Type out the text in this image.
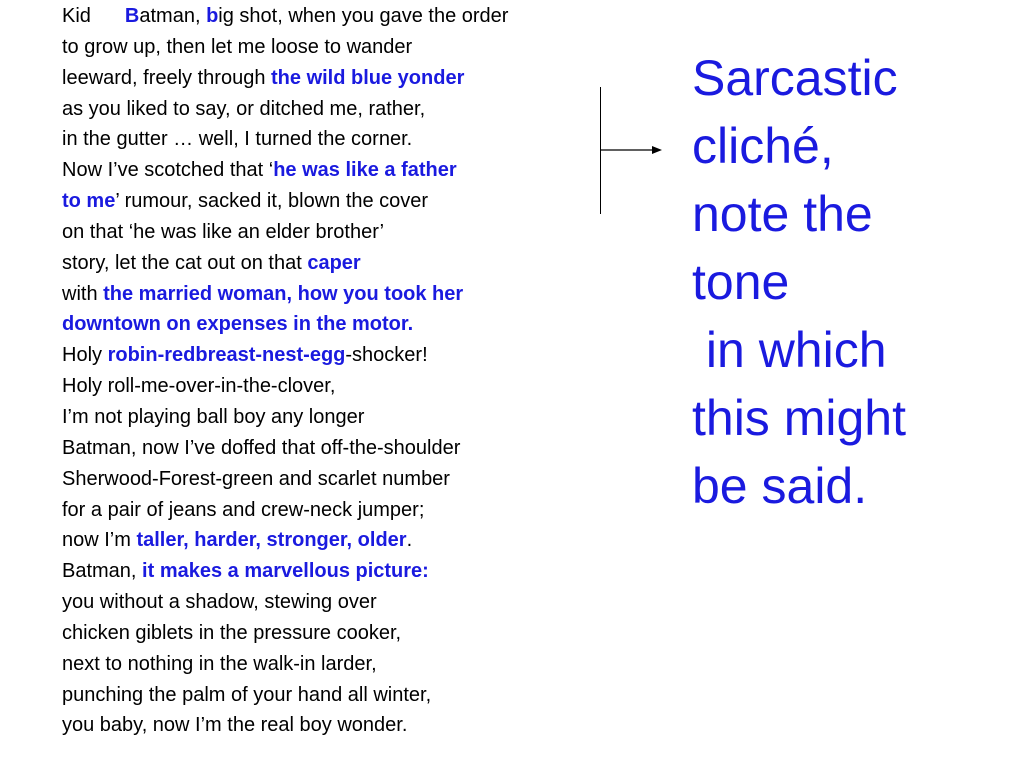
Kid Batman, big shot, when you gave the order
to grow up, then let me loose to wander
leeward, freely through the wild blue yonder
as you liked to say, or ditched me, rather,
in the gutter … well, I turned the corner.
Now I’ve scotched that ‘he was like a father
to me’ rumour, sacked it, blown the cover
on that ‘he was like an elder brother’
story, let the cat out on that caper
with the married woman, how you took her
downtown on expenses in the motor.
Holy robin-redbreast-nest-egg-shocker!
Holy roll-me-over-in-the-clover,
I’m not playing ball boy any longer
Batman, now I’ve doffed that off-the-shoulder
Sherwood-Forest-green and scarlet number
for a pair of jeans and crew-neck jumper;
now I’m taller, harder, stronger, older.
Batman, it makes a marvellous picture:
you without a shadow, stewing over
chicken giblets in the pressure cooker,
next to nothing in the walk-in larder,
punching the palm of your hand all winter,
you baby, now I’m the real boy wonder.
Sarcastic
cliché,
note the
tone
in which
this might
be said.
